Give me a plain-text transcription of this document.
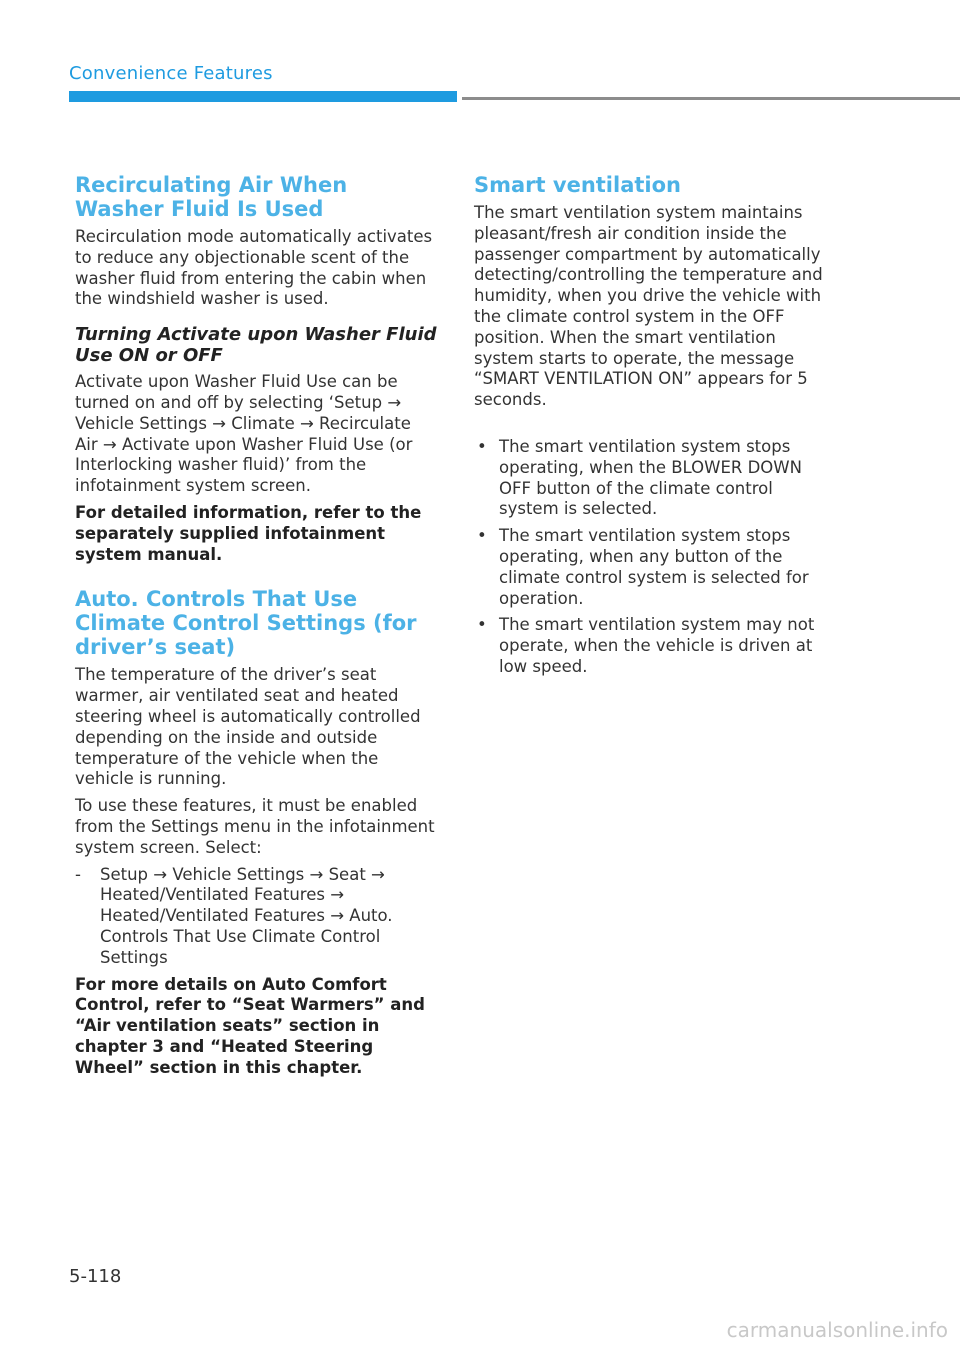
Convenience Features
Recirculating Air When Washer Fluid Is Used

Recirculation mode automatically activates to reduce any objectionable scent of the washer fluid from entering the cabin when the windshield washer is used.

Turning Activate upon Washer Fluid Use ON or OFF

Activate upon Washer Fluid Use can be turned on and off by selecting ‘Setup → Vehicle Settings → Climate → Recirculate Air → Activate upon Washer Fluid Use (or Interlocking washer fluid)’ from the infotainment system screen.

For detailed information, refer to the separately supplied infotainment system manual.

Auto. Controls That Use Climate Control Settings (for driver’s seat)

The temperature of the driver’s seat warmer, air ventilated seat and heated steering wheel is automatically controlled depending on the inside and outside temperature of the vehicle when the vehicle is running.

To use these features, it must be enabled from the Settings menu in the infotainment system screen. Select:

- Setup → Vehicle Settings → Seat → Heated/Ventilated Features → Heated/Ventilated Features → Auto. Controls That Use Climate Control Settings

For more details on Auto Comfort Control, refer to “Seat Warmers” and “Air ventilation seats” section in chapter 3 and “Heated Steering Wheel” section in this chapter.

Smart ventilation

The smart ventilation system maintains pleasant/fresh air condition inside the passenger compartment by automatically detecting/controlling the temperature and humidity, when you drive the vehicle with the climate control system in the OFF position. When the smart ventilation system starts to operate, the message “SMART VENTILATION ON” appears for 5 seconds.

• The smart ventilation system stops operating, when the BLOWER DOWN OFF button of the climate control system is selected.
• The smart ventilation system stops operating, when any button of the climate control system is selected for operation.
• The smart ventilation system may not operate, when the vehicle is driven at low speed.
5-118
carmanualsonline.info
